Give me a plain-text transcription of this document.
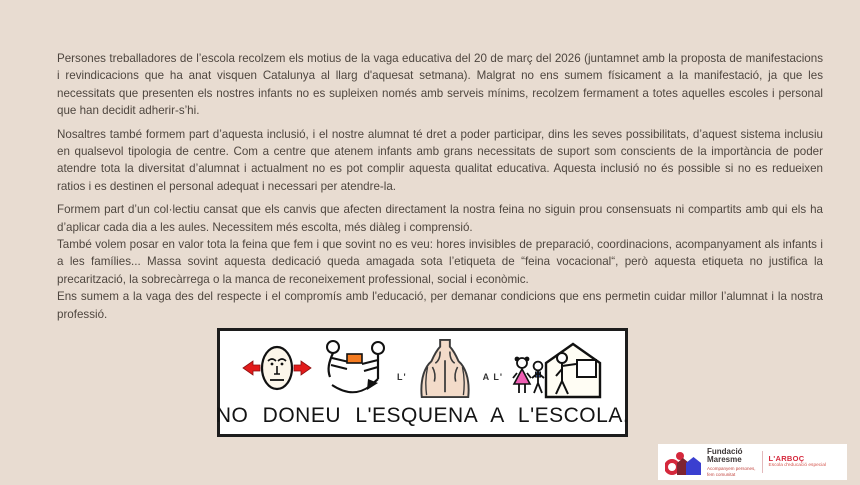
Persones treballadores de l’escola recolzem els motius de la vaga educativa del 20 de març del 2026 (juntamnet amb la proposta de manifestacions i revindicacions que ha anat visquen Catalunya al llarg d'aquesat setmana). Malgrat no ens sumem físicament a la manifestació, ja que les necessitats que presenten els nostres infants no es supleixen només amb serveis mínims, recolzem fermament a totes aquelles escoles i personal que han decidit adherir-s’hi.

Nosaltres també formem part d’aquesta inclusió, i el nostre alumnat té dret a poder participar, dins les seves possibilitats, d’aquest sistema inclusiu en qualsevol tipologia de centre. Com a centre que atenem infants amb grans necessitats de suport som conscients de la importància de poder atendre tota la diversitat d’alumnat i actualment no es pot complir aquesta qualitat educativa. Aquesta inclusió no és possible si no es redueixen ratios i es destinen el personal adequat i necessari per atendre-la.

Formem part d’un col·lectiu cansat que els canvis que afecten directament la nostra feina no siguin prou consensuats ni compartits amb qui els ha d’aplicar cada dia a les aules. Necessitem més escolta, més diàleg i comprensió.

També volem posar en valor tota la feina que fem i que sovint no es veu: hores invisibles de preparació, coordinacions, acompanyament als infants i a les famílies... Massa sovint aquesta dedicació queda amagada sota l’etiqueta de “feina vocacional“, però aquesta etiqueta no justifica la precarització, la sobrecàrrega o la manca de reconeixement professional, social i econòmic.

Ens sumem a la vaga des del respecte i el compromís amb l'educació, per demanar condicions que ens permetin cuidar millor l’alumnat i la nostra professió.

L'	A L'
NO DONEU L'ESQUENA A L'ESCOLA.
Fundació
Maresme
Acompanyem persones,
fem comunitat
L'ARBOÇ
Escola d'educació especial
